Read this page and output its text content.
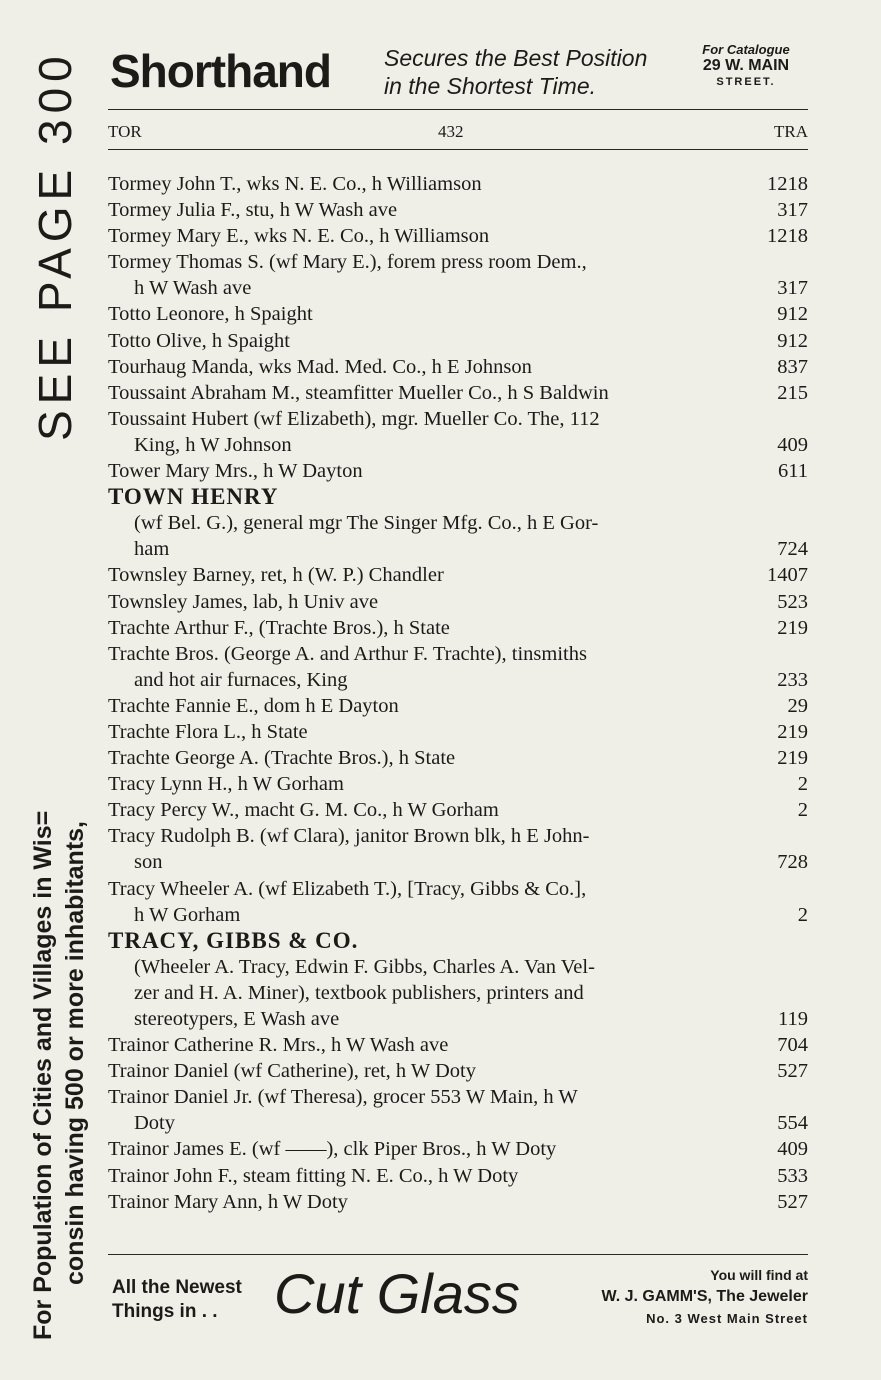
SEE PAGE 300
For Population of Cities and Villages in Wis= consin having 500 or more inhabitants,
Shorthand Secures the Best Position
in the Shortest Time.
For Catalogue
29 W. MAIN
STREET.
TOR	432	TRA
Tormey John T., wks N. E. Co., h Williamson	1218
Tormey Julia F., stu, h W Wash ave	317
Tormey Mary E., wks N. E. Co., h Williamson	1218
Tormey Thomas S. (wf Mary E.), forem press room Dem.,
h W Wash ave	317
Totto Leonore, h Spaight	912
Totto Olive, h Spaight	912
Tourhaug Manda, wks Mad. Med. Co., h E Johnson	837
Toussaint Abraham M., steamfitter Mueller Co., h S Baldwin	215
Toussaint Hubert (wf Elizabeth), mgr. Mueller Co. The, 112
King, h W Johnson	409
Tower Mary Mrs., h W Dayton	611
TOWN HENRY
(wf Bel. G.), general mgr The Singer Mfg. Co., h E Gor-
ham	724
Townsley Barney, ret, h (W. P.) Chandler	1407
Townsley James, lab, h Univ ave	523
Trachte Arthur F., (Trachte Bros.), h State	219
Trachte Bros. (George A. and Arthur F. Trachte), tinsmiths
and hot air furnaces, King	233
Trachte Fannie E., dom h E Dayton	29
Trachte Flora L., h State	219
Trachte George A. (Trachte Bros.), h State	219
Tracy Lynn H., h W Gorham	2
Tracy Percy W., macht G. M. Co., h W Gorham	2
Tracy Rudolph B. (wf Clara), janitor Brown blk, h E John-
son	728
Tracy Wheeler A. (wf Elizabeth T.), [Tracy, Gibbs & Co.],
h W Gorham	2
TRACY, GIBBS & CO.
(Wheeler A. Tracy, Edwin F. Gibbs, Charles A. Van Vel-
zer and H. A. Miner), textbook publishers, printers and
stereotypers, E Wash ave	119
Trainor Catherine R. Mrs., h W Wash ave	704
Trainor Daniel (wf Catherine), ret, h W Doty	527
Trainor Daniel Jr. (wf Theresa), grocer 553 W Main, h W
Doty	554
Trainor James E. (wf ——), clk Piper Bros., h W Doty	409
Trainor John F., steam fitting N. E. Co., h W Doty	533
Trainor Mary Ann, h W Doty	527
All the Newest
Things in . .	Cut Glass	You will find at
W. J. GAMM'S, The Jeweler
No. 3 West Main Street
